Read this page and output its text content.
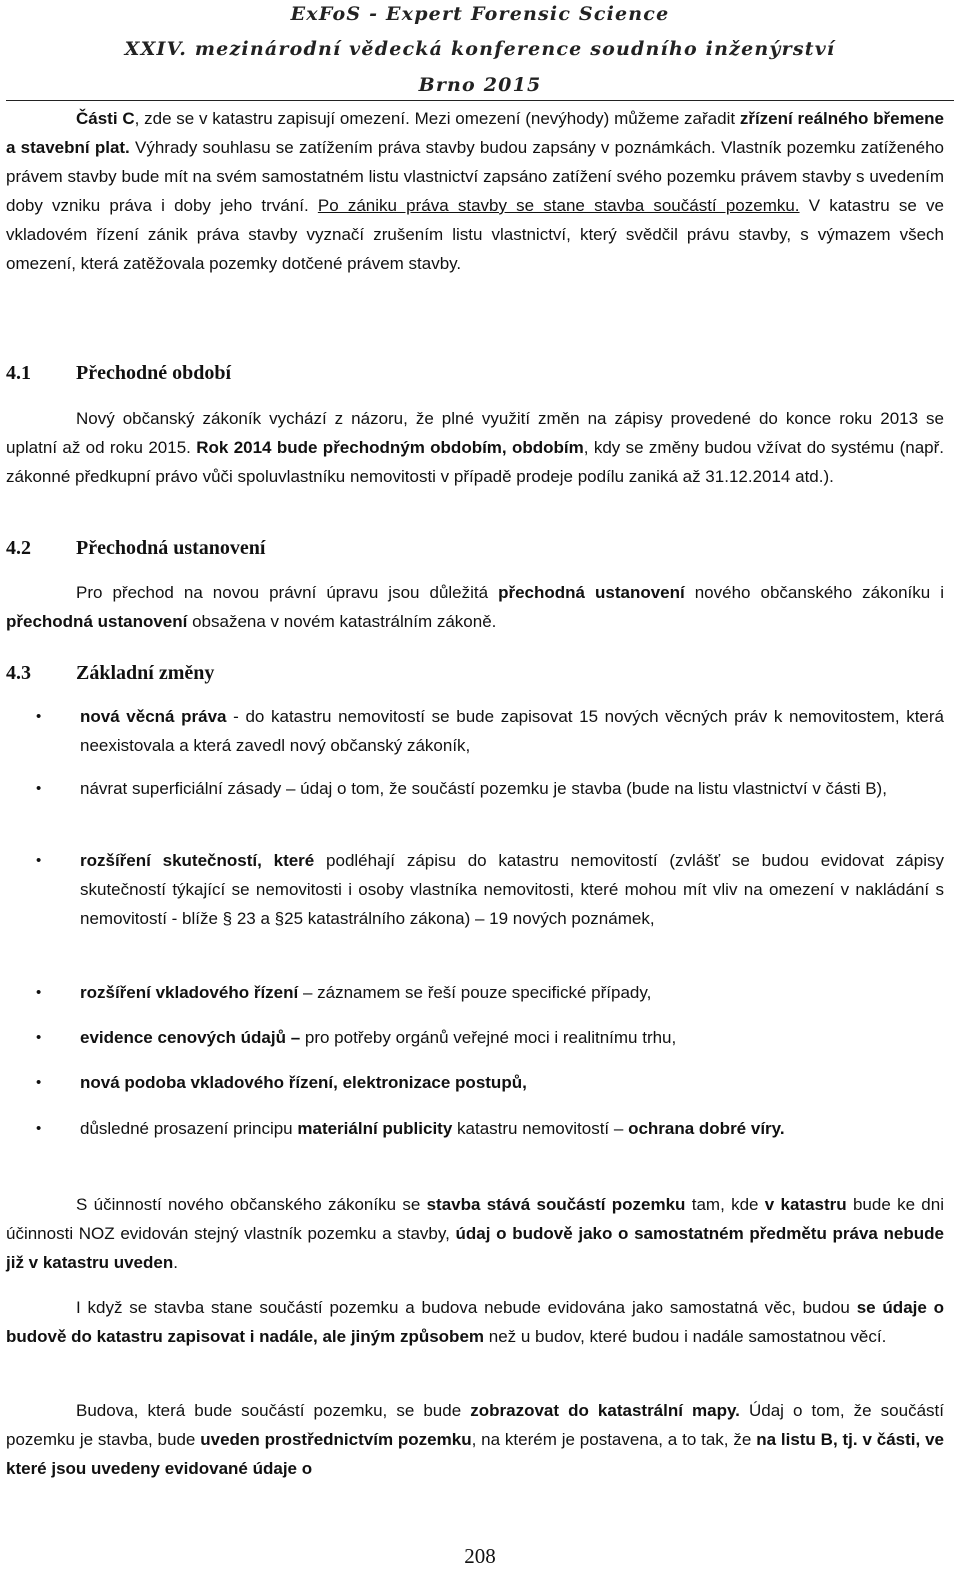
ExFoS - Expert Forensic Science
XXIV. mezinárodní vědecká konference soudního inženýrství
Brno 2015
Části C, zde se v katastru zapisují omezení. Mezi omezení (nevýhody) můžeme zařadit zřízení reálného břemene a stavební plat. Výhrady souhlasu se zatížením práva stavby budou zapsány v poznámkách. Vlastník pozemku zatíženého právem stavby bude mít na svém samostatném listu vlastnictví zapsáno zatížení svého pozemku právem stavby s uvedením doby vzniku práva i doby jeho trvání. Po zániku práva stavby se stane stavba součástí pozemku. V katastru se ve vkladovém řízení zánik práva stavby vyznačí zrušením listu vlastnictví, který svědčil právu stavby, s výmazem všech omezení, která zatěžovala pozemky dotčené právem stavby.
4.1 Přechodné období
Nový občanský zákoník vychází z názoru, že plné využití změn na zápisy provedené do konce roku 2013 se uplatní až od roku 2015. Rok 2014 bude přechodným obdobím, obdobím, kdy se změny budou vžívat do systému (např. zákonné předkupní právo vůči spoluvlastníku nemovitosti v případě prodeje podílu zaniká až 31.12.2014 atd.).
4.2 Přechodná ustanovení
Pro přechod na novou právní úpravu jsou důležitá přechodná ustanovení nového občanského zákoníku i přechodná ustanovení obsažena v novém katastrálním zákoně.
4.3 Základní změny
• nová věcná práva - do katastru nemovitostí se bude zapisovat 15 nových věcných práv k nemovitostem, která neexistovala a která zavedl nový občanský zákoník,
• návrat superficiální zásady – údaj o tom, že součástí pozemku je stavba (bude na listu vlastnictví v části B),
• rozšíření skutečností, které podléhají zápisu do katastru nemovitostí (zvlášť se budou evidovat zápisy skutečností týkající se nemovitosti i osoby vlastníka nemovitosti, které mohou mít vliv na omezení v nakládání s nemovitostí - blíže § 23 a §25 katastrálního zákona) – 19 nových poznámek,
• rozšíření vkladového řízení – záznamem se řeší pouze specifické případy,
• evidence cenových údajů – pro potřeby orgánů veřejné moci i realitnímu trhu,
• nová podoba vkladového řízení, elektronizace postupů,
• důsledné prosazení principu materiální publicity katastru nemovitostí – ochrana dobré víry.
S účinností nového občanského zákoníku se stavba stává součástí pozemku tam, kde v katastru bude ke dni účinnosti NOZ evidován stejný vlastník pozemku a stavby, údaj o budově jako o samostatném předmětu práva nebude již v katastru uveden.
I když se stavba stane součástí pozemku a budova nebude evidována jako samostatná věc, budou se údaje o budově do katastru zapisovat i nadále, ale jiným způsobem než u budov, které budou i nadále samostatnou věcí.
Budova, která bude součástí pozemku, se bude zobrazovat do katastrální mapy. Údaj o tom, že součástí pozemku je stavba, bude uveden prostřednictvím pozemku, na kterém je postavena, a to tak, že na listu B, tj. v části, ve které jsou uvedeny evidované údaje o
208
